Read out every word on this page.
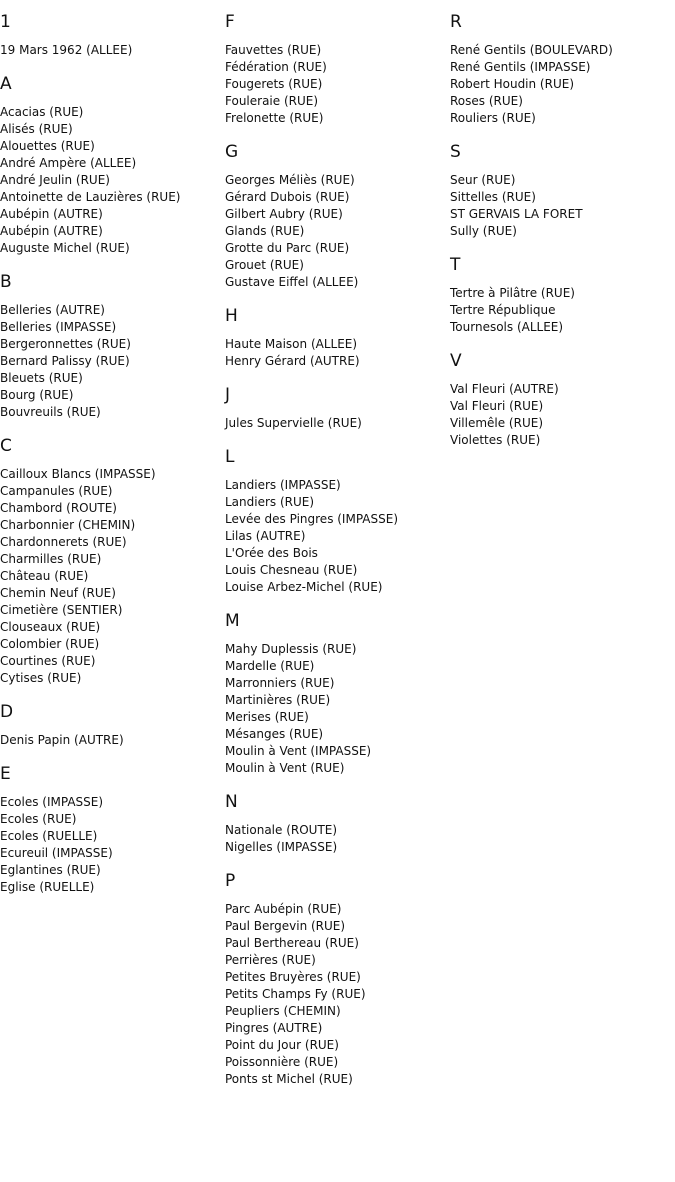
1
19 Mars 1962 (ALLEE)
A
Acacias (RUE)
Alisés (RUE)
Alouettes (RUE)
André Ampère (ALLEE)
André Jeulin (RUE)
Antoinette de Lauzières (RUE)
Aubépin (AUTRE)
Aubépin (AUTRE)
Auguste Michel (RUE)
B
Belleries (AUTRE)
Belleries (IMPASSE)
Bergeronnettes (RUE)
Bernard Palissy (RUE)
Bleuets (RUE)
Bourg (RUE)
Bouvreuils (RUE)
C
Cailloux Blancs (IMPASSE)
Campanules (RUE)
Chambord (ROUTE)
Charbonnier (CHEMIN)
Chardonnerets (RUE)
Charmilles (RUE)
Château (RUE)
Chemin Neuf (RUE)
Cimetière (SENTIER)
Clouseaux (RUE)
Colombier (RUE)
Courtines (RUE)
Cytises (RUE)
D
Denis Papin (AUTRE)
E
Ecoles (IMPASSE)
Ecoles (RUE)
Ecoles (RUELLE)
Ecureuil (IMPASSE)
Eglantines (RUE)
Eglise (RUELLE)
F
Fauvettes (RUE)
Fédération (RUE)
Fougerets (RUE)
Fouleraie (RUE)
Frelonette (RUE)
G
Georges Méliès (RUE)
Gérard Dubois (RUE)
Gilbert Aubry (RUE)
Glands (RUE)
Grotte du Parc (RUE)
Grouet (RUE)
Gustave Eiffel (ALLEE)
H
Haute Maison (ALLEE)
Henry Gérard (AUTRE)
J
Jules Supervielle (RUE)
L
Landiers (IMPASSE)
Landiers (RUE)
Levée des Pingres (IMPASSE)
Lilas (AUTRE)
L'Orée des Bois
Louis Chesneau (RUE)
Louise Arbez-Michel (RUE)
M
Mahy Duplessis (RUE)
Mardelle (RUE)
Marronniers (RUE)
Martinières (RUE)
Merises (RUE)
Mésanges (RUE)
Moulin à Vent (IMPASSE)
Moulin à Vent (RUE)
N
Nationale (ROUTE)
Nigelles (IMPASSE)
P
Parc Aubépin (RUE)
Paul Bergevin (RUE)
Paul Berthereau (RUE)
Perrières (RUE)
Petites Bruyères (RUE)
Petits Champs Fy (RUE)
Peupliers (CHEMIN)
Pingres (AUTRE)
Point du Jour (RUE)
Poissonnière (RUE)
Ponts st Michel (RUE)
R
René Gentils (BOULEVARD)
René Gentils (IMPASSE)
Robert Houdin (RUE)
Roses (RUE)
Rouliers (RUE)
S
Seur (RUE)
Sittelles (RUE)
ST GERVAIS LA FORET
Sully (RUE)
T
Tertre à Pilâtre (RUE)
Tertre République
Tournesols (ALLEE)
V
Val Fleuri (AUTRE)
Val Fleuri (RUE)
Villemêle (RUE)
Violettes (RUE)
